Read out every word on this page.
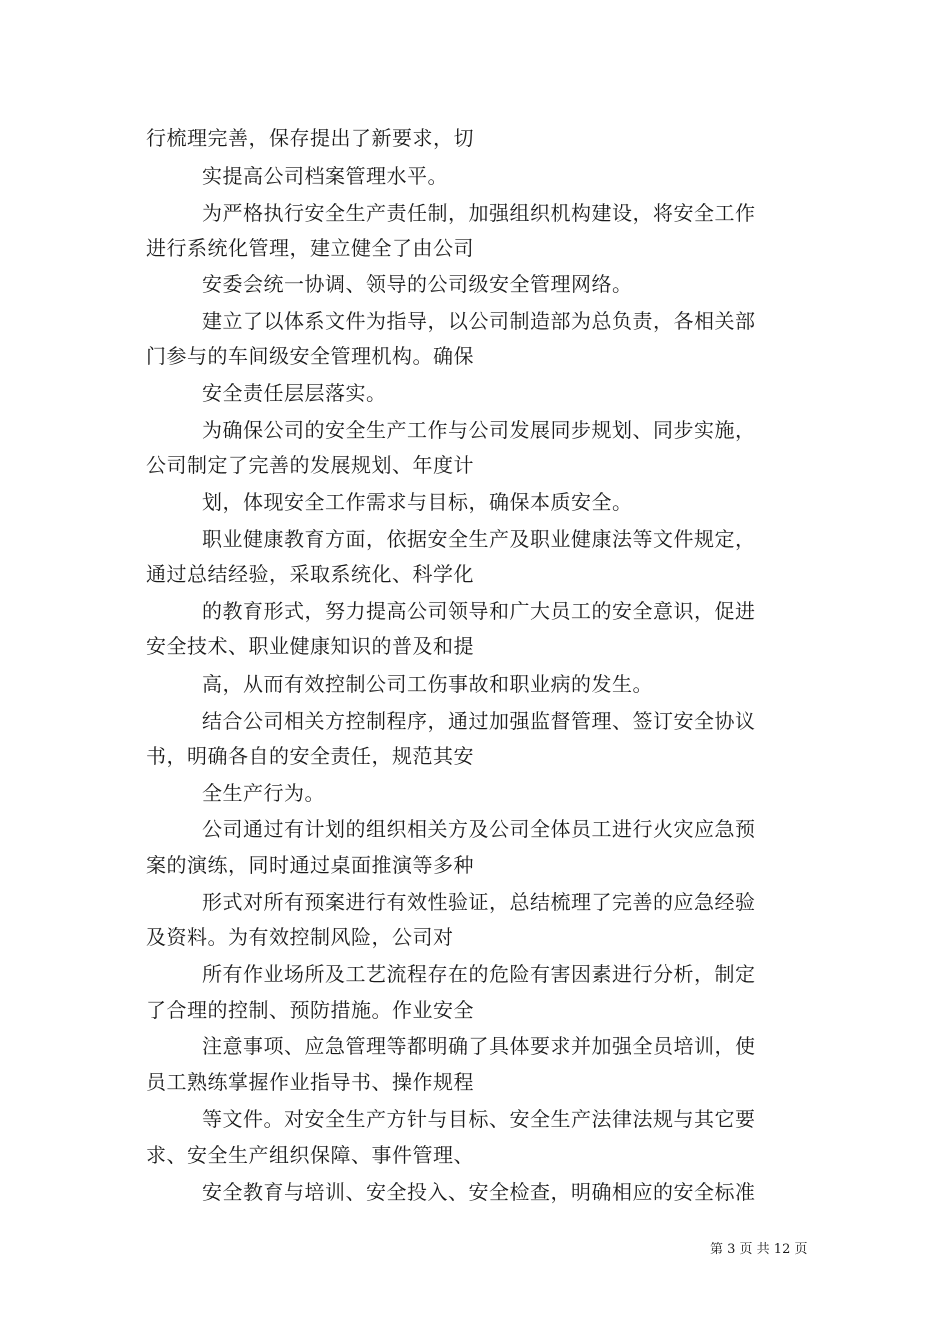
行梳理完善，保存提出了新要求，切
实提高公司档案管理水平。
为严格执行安全生产责任制，加强组织机构建设，将安全工作
进行系统化管理，建立健全了由公司
安委会统一协调、领导的公司级安全管理网络。
建立了以体系文件为指导，以公司制造部为总负责，各相关部
门参与的车间级安全管理机构。确保
安全责任层层落实。
为确保公司的安全生产工作与公司发展同步规划、同步实施，
公司制定了完善的发展规划、年度计
划，体现安全工作需求与目标，确保本质安全。
职业健康教育方面，依据安全生产及职业健康法等文件规定，
通过总结经验，采取系统化、科学化
的教育形式，努力提高公司领导和广大员工的安全意识，促进
安全技术、职业健康知识的普及和提
高，从而有效控制公司工伤事故和职业病的发生。
结合公司相关方控制程序，通过加强监督管理、签订安全协议
书，明确各自的安全责任，规范其安
全生产行为。
公司通过有计划的组织相关方及公司全体员工进行火灾应急预
案的演练，同时通过桌面推演等多种
形式对所有预案进行有效性验证，总结梳理了完善的应急经验
及资料。为有效控制风险，公司对
所有作业场所及工艺流程存在的危险有害因素进行分析，制定
了合理的控制、预防措施。作业安全
注意事项、应急管理等都明确了具体要求并加强全员培训，使
员工熟练掌握作业指导书、操作规程
等文件。对安全生产方针与目标、安全生产法律法规与其它要
求、安全生产组织保障、事件管理、
安全教育与培训、安全投入、安全检查，明确相应的安全标准
第 3 页 共 12 页
